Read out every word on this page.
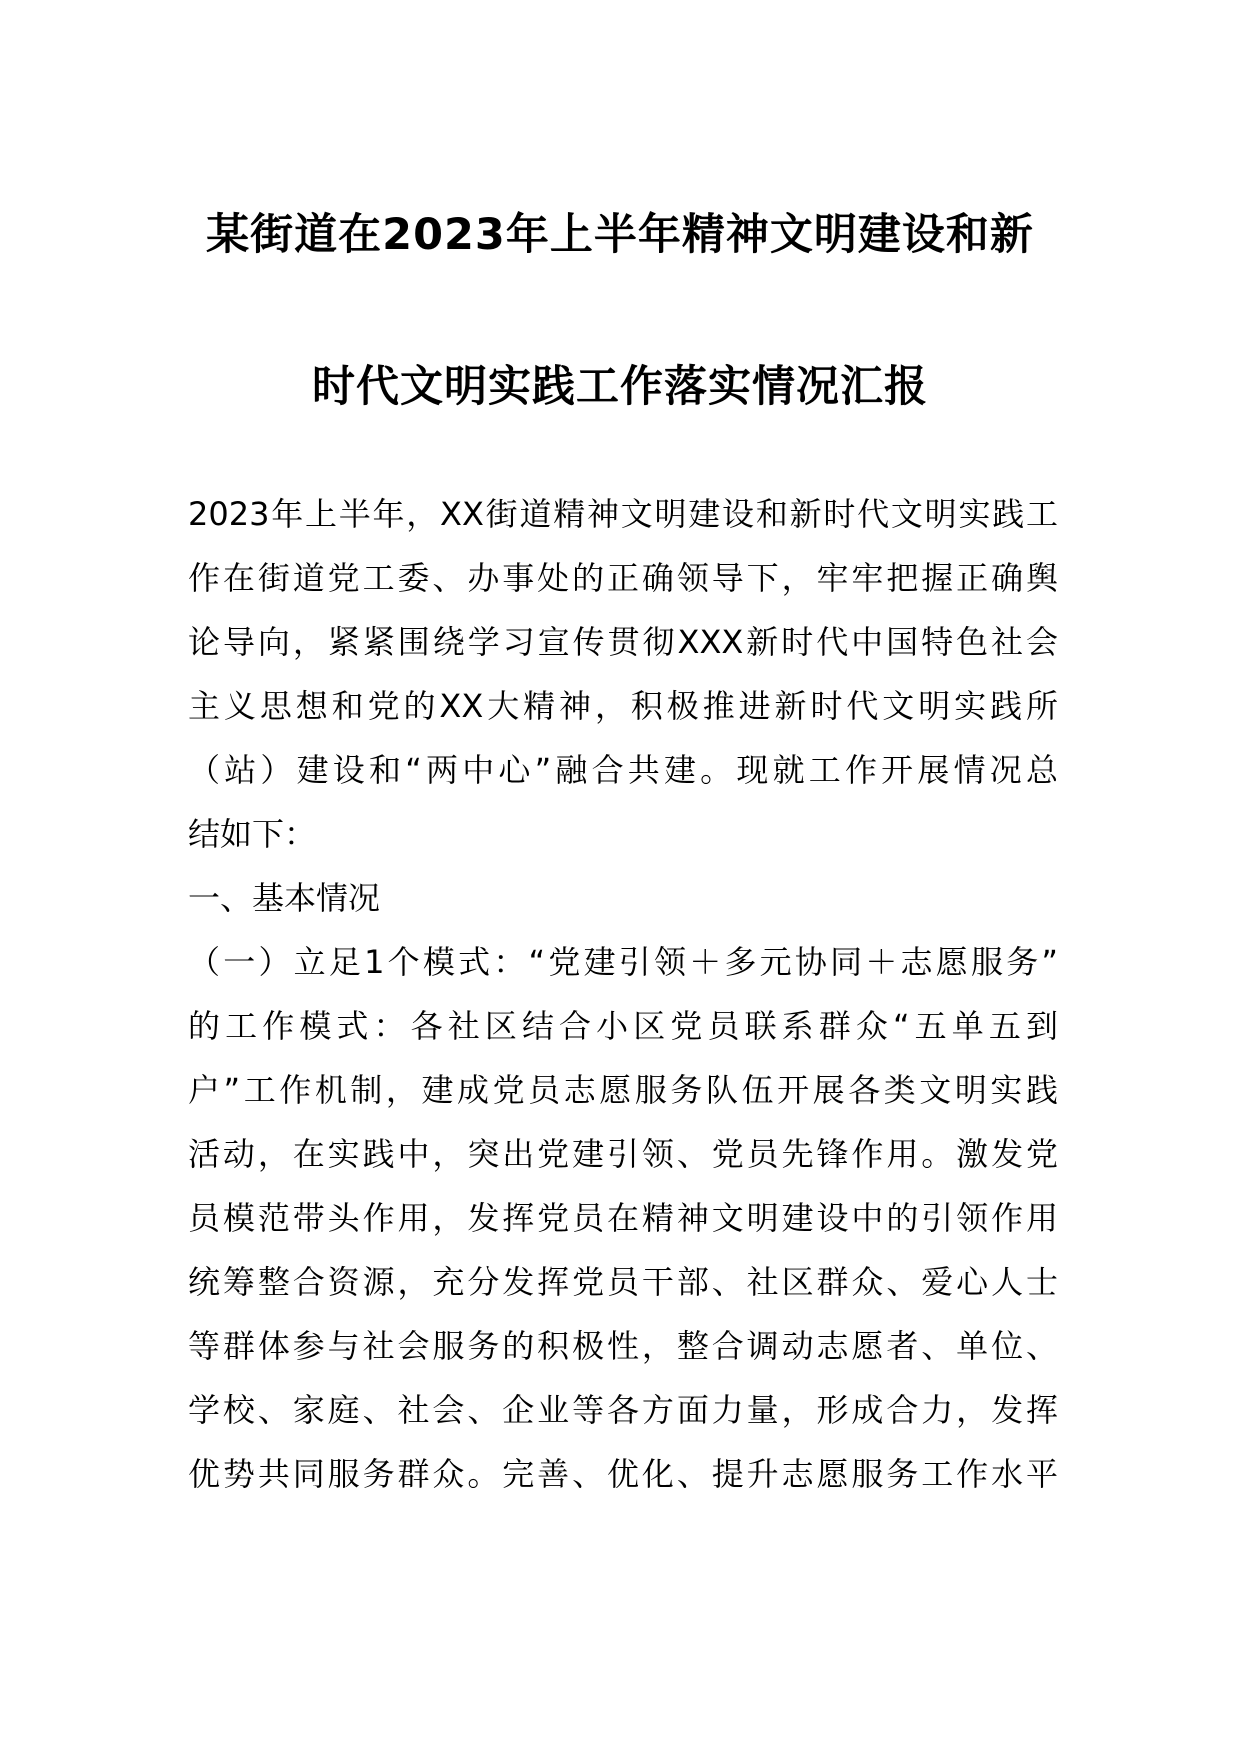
某街道在2023年上半年精神文明建设和新
时代文明实践工作落实情况汇报
2023年上半年，XX街道精神文明建设和新时代文明实践工
作在街道党工委、办事处的正确领导下，牢牢把握正确舆
论导向，紧紧围绕学习宣传贯彻XXX新时代中国特色社会
主义思想和党的XX大精神，积极推进新时代文明实践所
（站）建设和“两中心”融合共建。现就工作开展情况总
结如下：
一、基本情况
（一）立足1个模式：“党建引领＋多元协同＋志愿服务”
的工作模式：各社区结合小区党员联系群众“五单五到
户”工作机制，建成党员志愿服务队伍开展各类文明实践
活动，在实践中，突出党建引领、党员先锋作用。激发党
员模范带头作用，发挥党员在精神文明建设中的引领作用
统筹整合资源，充分发挥党员干部、社区群众、爱心人士
等群体参与社会服务的积极性，整合调动志愿者、单位、
学校、家庭、社会、企业等各方面力量，形成合力，发挥
优势共同服务群众。完善、优化、提升志愿服务工作水平
